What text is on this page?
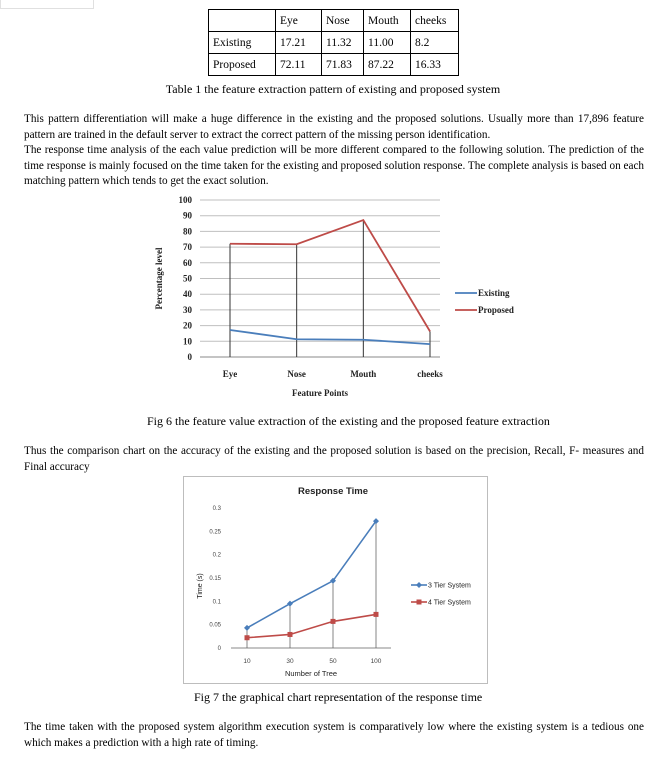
	Eye	Nose	Mouth	cheeks
Existing	17.21	11.32	11.00	8.2
Proposed	72.11	71.83	87.22	16.33
Table 1 the feature extraction pattern of existing and proposed system

This pattern differentiation will make a huge difference in the existing and the proposed solutions. Usually more than 17,896 feature pattern are trained in the default server to extract the correct pattern of the missing person identification.

The response time analysis of the each value prediction will be more different compared to the following solution. The prediction of the time response is mainly focused on the time taken for the existing and proposed solution response. The complete analysis is based on each matching pattern which tends to get the exact solution.

0
10
20
30
40
50
60
70
80
90
100
Eye	Nose	Mouth	cheeks
Feature Points
Percentage level	Existing
Proposed
Fig 6 the feature value extraction of the existing and the proposed feature extraction

Thus the comparison chart on the accuracy of the existing and the proposed solution is based on the precision, Recall, F- measures and Final accuracy

Response Time
0
0.05
0.1
0.15
0.2
0.25
0.3
10	30	50	100
Number of Tree
Time (s)	3 Tier System
4 Tier System
Fig 7 the graphical chart representation of the response time

The time taken with the proposed system algorithm execution system is comparatively low where the existing system is a tedious one which makes a prediction with a high rate of timing.
